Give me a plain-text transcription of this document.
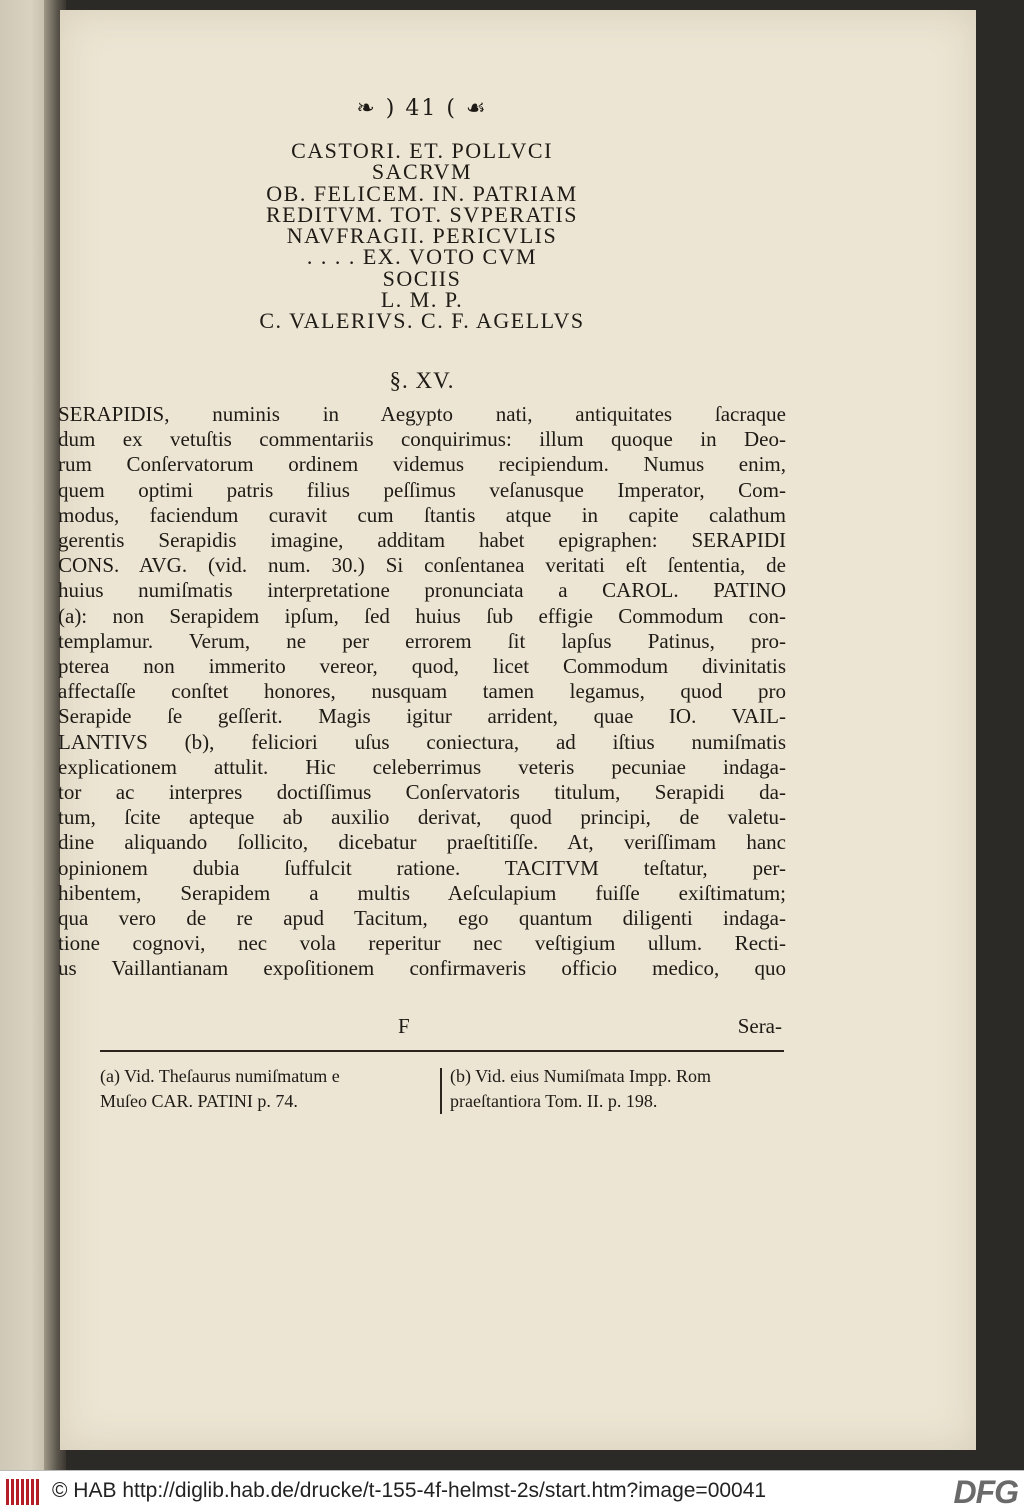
❧ ) 41 ( ☙
CASTORI. ET. POLLVCI
SACRVM
OB. FELICEM. IN. PATRIAM
REDITVM. TOT. SVPERATIS
NAVFRAGII. PERICVLIS
. . . . EX. VOTO CVM
SOCIIS
L. M. P.
C. VALERIVS. C. F. AGELLVS
§. XV.
SERAPIDIS, numinis in Aegypto nati, antiquitates ſacraque
dum ex vetuſtis commentariis conquirimus: illum quoque in Deo-
rum Conſervatorum ordinem videmus recipiendum. Numus enim,
quem optimi patris filius peſſimus veſanusque Imperator, Com-
modus, faciendum curavit cum ſtantis atque in capite calathum
gerentis Serapidis imagine, additam habet epigraphen: SERAPIDI
CONS. AVG. (vid. num. 30.) Si conſentanea veritati eſt ſententia, de
huius numiſmatis interpretatione pronunciata a CAROL. PATINO
(a): non Serapidem ipſum, ſed huius ſub effigie Commodum con-
templamur. Verum, ne per errorem ſit lapſus Patinus, pro-
pterea non immerito vereor, quod, licet Commodum divinitatis
affectaſſe conſtet honores, nusquam tamen legamus, quod pro
Serapide ſe geſſerit. Magis igitur arrident, quae IO. VAIL-
LANTIVS (b), feliciori uſus coniectura, ad iſtius numiſmatis
explicationem attulit. Hic celeberrimus veteris pecuniae indaga-
tor ac interpres doctiſſimus Conſervatoris titulum, Serapidi da-
tum, ſcite apteque ab auxilio derivat, quod principi, de valetu-
dine aliquando ſollicito, dicebatur praeſtitiſſe. At, veriſſimam hanc
opinionem dubia ſuffulcit ratione. TACITVM teſtatur, per-
hibentem, Serapidem a multis Aeſculapium fuiſſe exiſtimatum;
qua vero de re apud Tacitum, ego quantum diligenti indaga-
tione cognovi, nec vola reperitur nec veſtigium ullum. Recti-
us Vaillantianam expoſitionem confirmaveris officio medico, quo
F	Sera-
(a) Vid. Theſaurus numiſmatum e
Muſeo CAR. PATINI p. 74.
(b) Vid. eius Numiſmata Impp. Rom
praeſtantiora Tom. II. p. 198.
© HAB http://diglib.hab.de/drucke/t-155-4f-helmst-2s/start.htm?image=00041	DFG
